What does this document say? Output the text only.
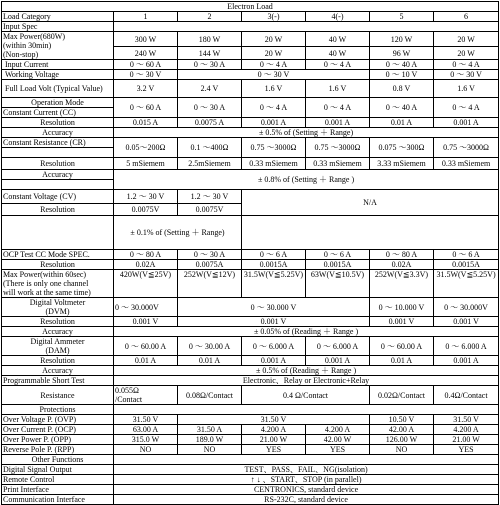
Electron Load						
Load Category	1	2	3(-)	4(-)	5	6
Input Spec						
Max Power(680W)
(within 30min)
(Non-stop)	300 W	180 W	20 W	40 W	120 W	20 W
	240 W	144 W	20 W	40 W	96 W	20 W
Input Current	0 ～ 60 A	0 ～ 30 A	0 ～ 4 A	0 ～ 4 A	0 ～ 40 A	0 ～ 4 A
Working Voltage	0 ～ 30 V	0 ～ 30 V			0 ～ 10 V	0 ～ 30 V
Full Load Volt (Typical Value)	3.2 V	2.4 V	1.6 V	1.6 V	0.8 V	1.6 V
Operation Mode	0 ～ 60 A	0 ～ 30 A	0 ～ 4 A	0 ～ 4 A	0 ～ 40 A	0 ～ 4 A
Constant Current (CC)						
Resolution	0.015 A	0.0075 A	0.001 A	0.001 A	0.01 A	0.001 A
Accuracy	± 0.5% of (Setting ＋ Range)					
Constant Resistance (CR)	0.05～200Ω	0.1 ～400Ω	0.75 ～3000Ω	0.75 ～3000Ω	0.075 ～300Ω	0.75 ～3000Ω

Resolution	5 mSiemem	2.5mSiemem	0.33 mSiemem	0.33 mSiemem	3.33 mSiemem	0.33 mSiemem
Accuracy	± 0.8% of (Setting ＋ Range )					

Constant Voltage (CV)	1.2 ～ 30 V	1.2 ～ 30 V	N/A			
Resolution	0.0075V	0.0075V				
	± 0.1% of (Setting ＋ Range)					
OCP Test CC Mode SPEC.	0 ～ 80 A	0 ～ 30 A	0 ～ 6 A	0 ～ 6 A	0 ～ 80 A	0 ～ 6 A
Resolution	0.02A	0.0075A	0.0015A	0.0015A	0.02A	0.0015A
Max Power(within 60sec)
(There is only one channel
will work at the same time)	420W(V≦25V)	252W(V≦12V)	31.5W(V≦5.25V)	63W(V≦10.5V)	252W(V≦3.3V)	31.5W(V≦5.25V)
Digital Voltmeter
(DVM)	0 ～ 30.000V	0 ～ 30.000 V			0 ～ 10.000 V	0 ～ 30.000V
Resolution	0.001 V	0.001 V			0.001 V	0.001 V
Accuracy	± 0.05% of (Reading ＋ Range )					
Digital Ammeter
(DAM)	0 ～ 60.00 A	0 ～ 30.00 A	0 ～ 6.000 A	0 ～ 6.000 A	0 ～ 60.00 A	0 ～ 6.000 A
Resolution	0.01 A	0.01 A	0.001 A	0.001 A	0.01 A	0.001 A
Accuracy	± 0.5% of (Reading ＋ Range )					
Programmable Short Test	Electronic、Relay or Electronic+Relay					
Resistance	0.055Ω
/Contact	0.08Ω/Contact	0.4 Ω/Contact		0.02Ω/Contact	0.4Ω/Contact
Protections						
Over Voltage P. (OVP)	31.50 V	31.50 V			10.50 V	31.50 V
Over Current P. (OCP)	63.00 A	31.50 A	4.200 A	4.200 A	42.00 A	4.200 A
Over Power P. (OPP)	315.0 W	189.0 W	21.00 W	42.00 W	126.00 W	21.00 W
Reverse Pole P. (RPP)	NO	NO	YES	YES	NO	YES
Other Functions						
Digital Signal Output	TEST、PASS、FAIL、NG(isolation)					
Remote Control	↑ ↓ 、START、STOP (in parallel)					
Print Interface	CENTRONICS, standard device					
Communication Interface	RS-232C, standard device					
